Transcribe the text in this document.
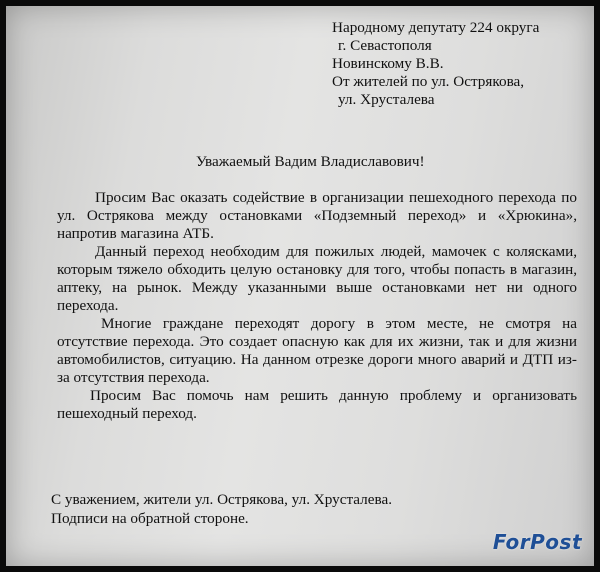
Народному депутату 224 округа
г. Севастополя
Новинскому В.В.
От жителей по ул. Острякова,
ул. Хрусталева
Уважаемый Вадим Владиславович!

Просим Вас оказать содействие в организации пешеходного перехода по ул. Острякова между остановками «Подземный переход» и «Хрюкина», напротив магазина АТБ.

Данный переход необходим для пожилых людей, мамочек с колясками, которым тяжело обходить целую остановку для того, чтобы попасть в магазин, аптеку, на рынок. Между указанными выше остановками нет ни одного перехода.

Многие граждане переходят дорогу в этом месте, не смотря на отсутствие перехода. Это создает опасную как для их жизни, так и для жизни автомобилистов, ситуацию. На данном отрезке дороги много аварий и ДТП из-за отсутствия перехода.

Просим Вас помочь нам решить данную проблему и организовать пешеходный переход.

С уважением, жители ул. Острякова, ул. Хрусталева.
Подписи на обратной стороне.
ForPost
